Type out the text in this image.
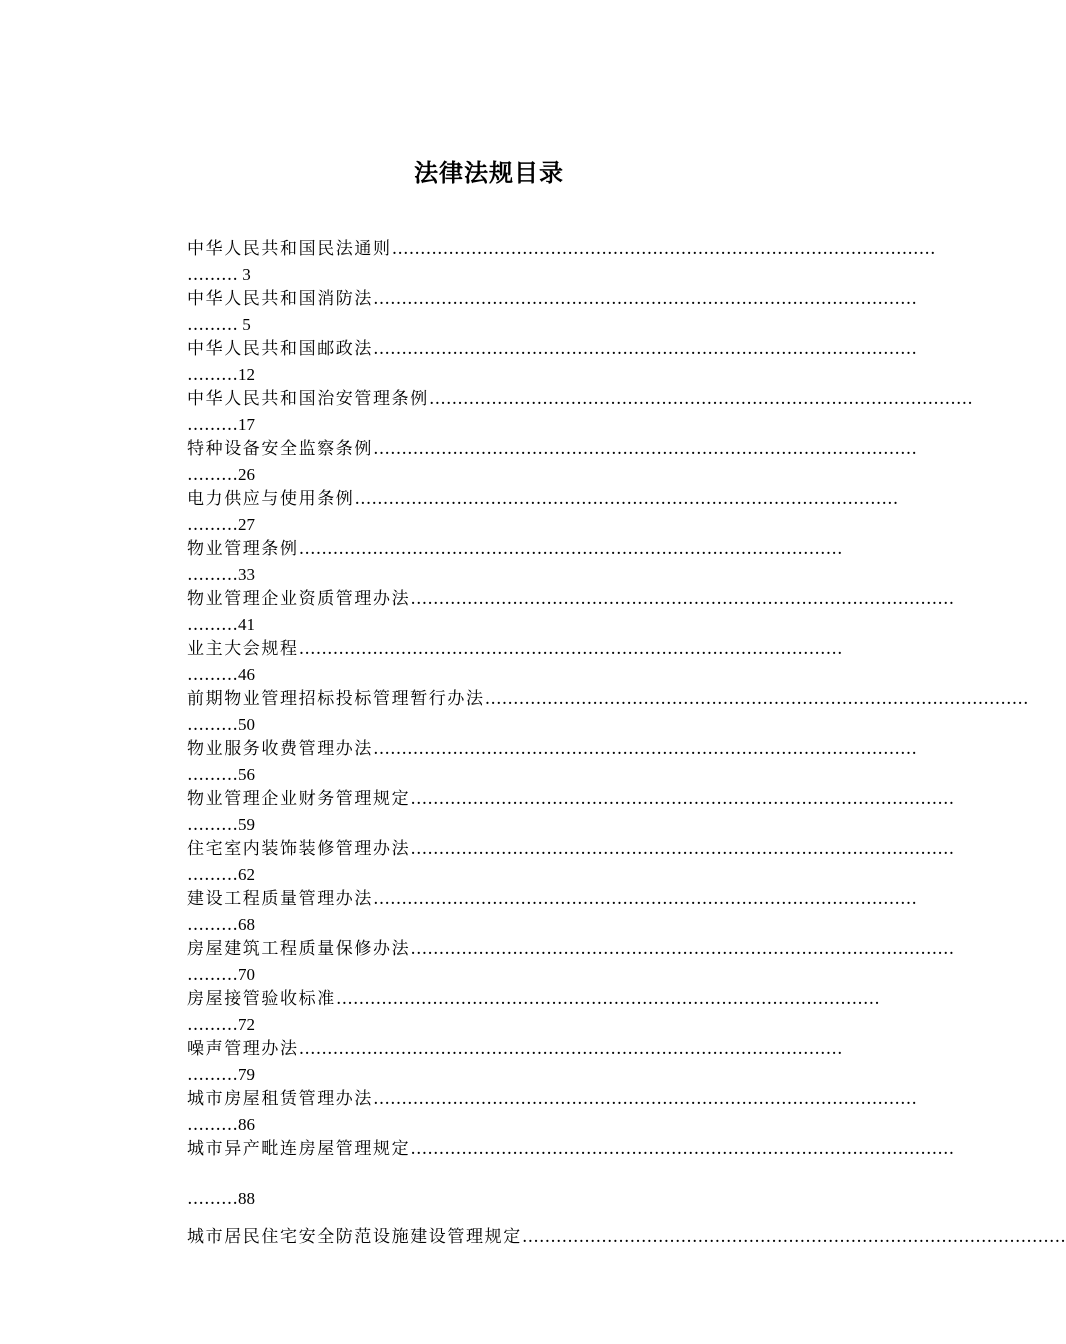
法律法规目录
中华人民共和国民法通则……………………………………………………………………………………
……… 3
中华人民共和国消防法……………………………………………………………………………………
……… 5
中华人民共和国邮政法……………………………………………………………………………………
………12
中华人民共和国治安管理条例……………………………………………………………………………………
………17
特种设备安全监察条例……………………………………………………………………………………
………26
电力供应与使用条例……………………………………………………………………………………
………27
物业管理条例……………………………………………………………………………………
………33
物业管理企业资质管理办法……………………………………………………………………………………
………41
业主大会规程……………………………………………………………………………………
………46
前期物业管理招标投标管理暂行办法……………………………………………………………………………………
………50
物业服务收费管理办法……………………………………………………………………………………
………56
物业管理企业财务管理规定……………………………………………………………………………………
………59
住宅室内装饰装修管理办法……………………………………………………………………………………
………62
建设工程质量管理办法……………………………………………………………………………………
………68
房屋建筑工程质量保修办法……………………………………………………………………………………
………70
房屋接管验收标准……………………………………………………………………………………
………72
噪声管理办法……………………………………………………………………………………
………79
城市房屋租赁管理办法……………………………………………………………………………………
………86
城市异产毗连房屋管理规定……………………………………………………………………………………
………88
城市居民住宅安全防范设施建设管理规定……………………………………………………………………………………
